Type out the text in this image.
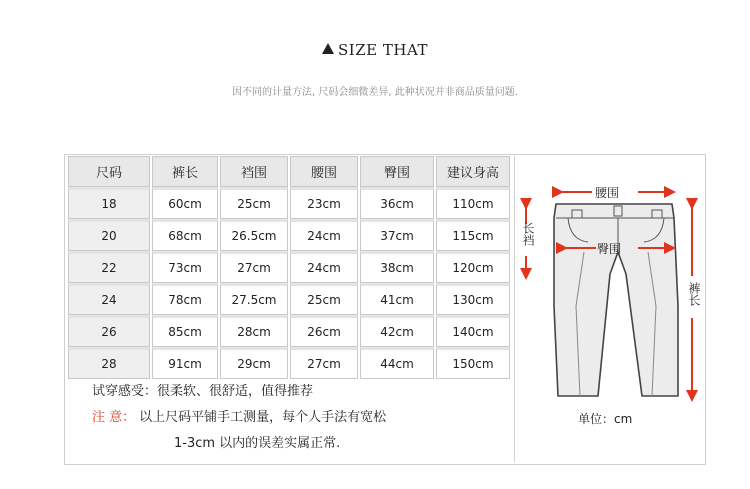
SIZE THAT
因不同的计量方法, 尺码会细微差异, 此种状况并非商品质量问题.
尺码	裤长	裆围	腰围	臀围	建议身高
18	60cm	25cm	23cm	36cm	110cm
20	68cm	26.5cm	24cm	37cm	115cm
22	73cm	27cm	24cm	38cm	120cm
24	78cm	27.5cm	25cm	41cm	130cm
26	85cm	28cm	26cm	42cm	140cm
28	91cm	29cm	27cm	44cm	150cm
试穿感受：很柔软、很舒适，值得推荐
注 意： 以上尺码平铺手工测量，每个人手法有宽松
1-3cm 以内的误差实属正常.
腰围
臀围
长裆
裤长
单位：cm
